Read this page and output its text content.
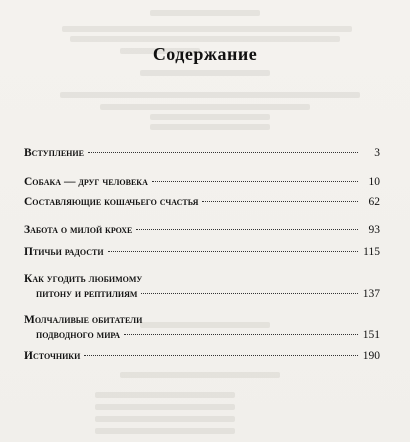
Содержание
Вступление	3
Собака — друг человека	10
Составляющие кошачьего счастья	62
Забота о милой крохе	93
Птичьи радости	115
Как угодить любимому
питону и рептилиям	137
Молчаливые обитатели
подводного мира	151
Источники	190
